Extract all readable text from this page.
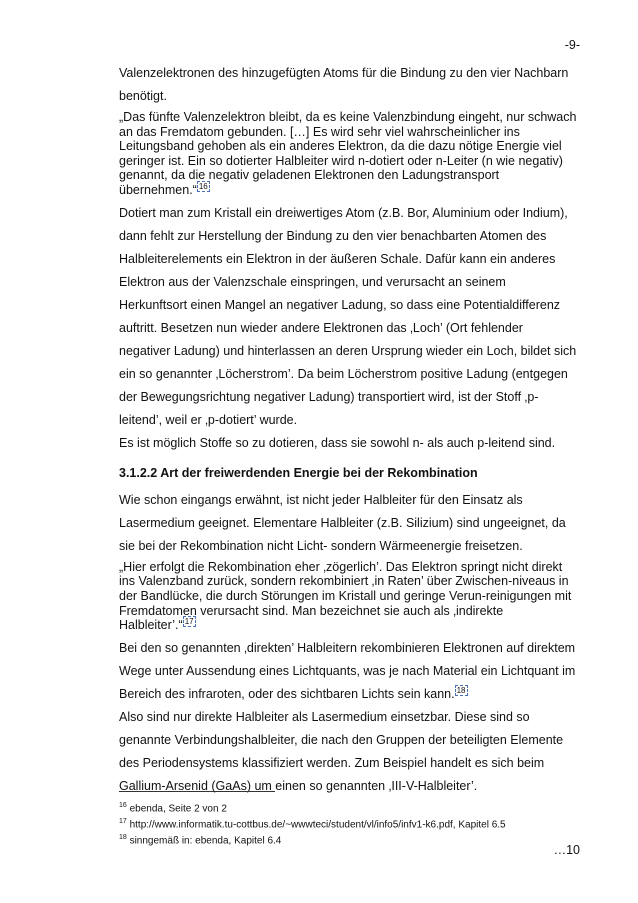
-9-

Valenzelektronen des hinzugefügten Atoms für die Bindung zu den vier Nachbarn benötigt.

„Das fünfte Valenzelektron bleibt, da es keine Valenzbindung eingeht, nur schwach an das Fremdatom gebunden. […] Es wird sehr viel wahrscheinlicher ins Leitungsband gehoben als ein anderes Elektron, da die dazu nötige Energie viel geringer ist. Ein so dotierter Halbleiter wird n-dotiert oder n-Leiter (n wie negativ) genannt, da die negativ geladenen Elektronen den Ladungstransport übernehmen.“ $^{16}$

Dotiert man zum Kristall ein dreiwertiges Atom (z.B. Bor, Aluminium oder Indium), dann fehlt zur Herstellung der Bindung zu den vier benachbarten Atomen des Halbleiterelements ein Elektron in der äußeren Schale. Dafür kann ein anderes Elektron aus der Valenzschale einspringen, und verursacht an seinem Herkunftsort einen Mangel an negativer Ladung, so dass eine Potentialdifferenz auftritt. Besetzen nun wieder andere Elektronen das ‚Loch’ (Ort fehlender negativer Ladung) und hinterlassen an deren Ursprung wieder ein Loch, bildet sich ein so genannter ‚Löcherstrom’. Da beim Löcherstrom positive Ladung (entgegen der Bewegungsrichtung negativer Ladung) transportiert wird, ist der Stoff ‚p-leitend’, weil er ‚p-dotiert’ wurde.

Es ist möglich Stoffe so zu dotieren, dass sie sowohl n- als auch p-leitend sind.

3.1.2.2 Art der freiwerdenden Energie bei der Rekombination

Wie schon eingangs erwähnt, ist nicht jeder Halbleiter für den Einsatz als Lasermedium geeignet. Elementare Halbleiter (z.B. Silizium) sind ungeeignet, da sie bei der Rekombination nicht Licht- sondern Wärmeenergie freisetzen.

„Hier erfolgt die Rekombination eher ‚zögerlich’. Das Elektron springt nicht direkt ins Valenzband zurück, sondern rekombiniert ‚in Raten’ über Zwischen-niveaus in der Bandlücke, die durch Störungen im Kristall und geringe Verun-reinigungen mit Fremdatomen verursacht sind. Man bezeichnet sie auch als ‚indirekte Halbleiter’.“ $^{17}$

Bei den so genannten ‚direkten’ Halbleitern rekombinieren Elektronen auf direktem Wege unter Aussendung eines Lichtquants, was je nach Material ein Lichtquant im Bereich des infraroten, oder des sichtbaren Lichts sein kann. $^{18}$

Also sind nur direkte Halbleiter als Lasermedium einsetzbar. Diese sind so genannte Verbindungshalbleiter, die nach den Gruppen der beteiligten Elemente des Periodensystems klassifiziert werden. Zum Beispiel handelt es sich beim Gallium-Arsenid (GaAs) um einen so genannten ‚III-V-Halbleiter’.

$^{16}$ ebenda, Seite 2 von 2
$^{17}$ http://www.informatik.tu-cottbus.de/~wwwteci/student/vl/info5/infv1-k6.pdf, Kapitel 6.5
$^{18}$ sinngemäß in: ebenda, Kapitel 6.4
…10
